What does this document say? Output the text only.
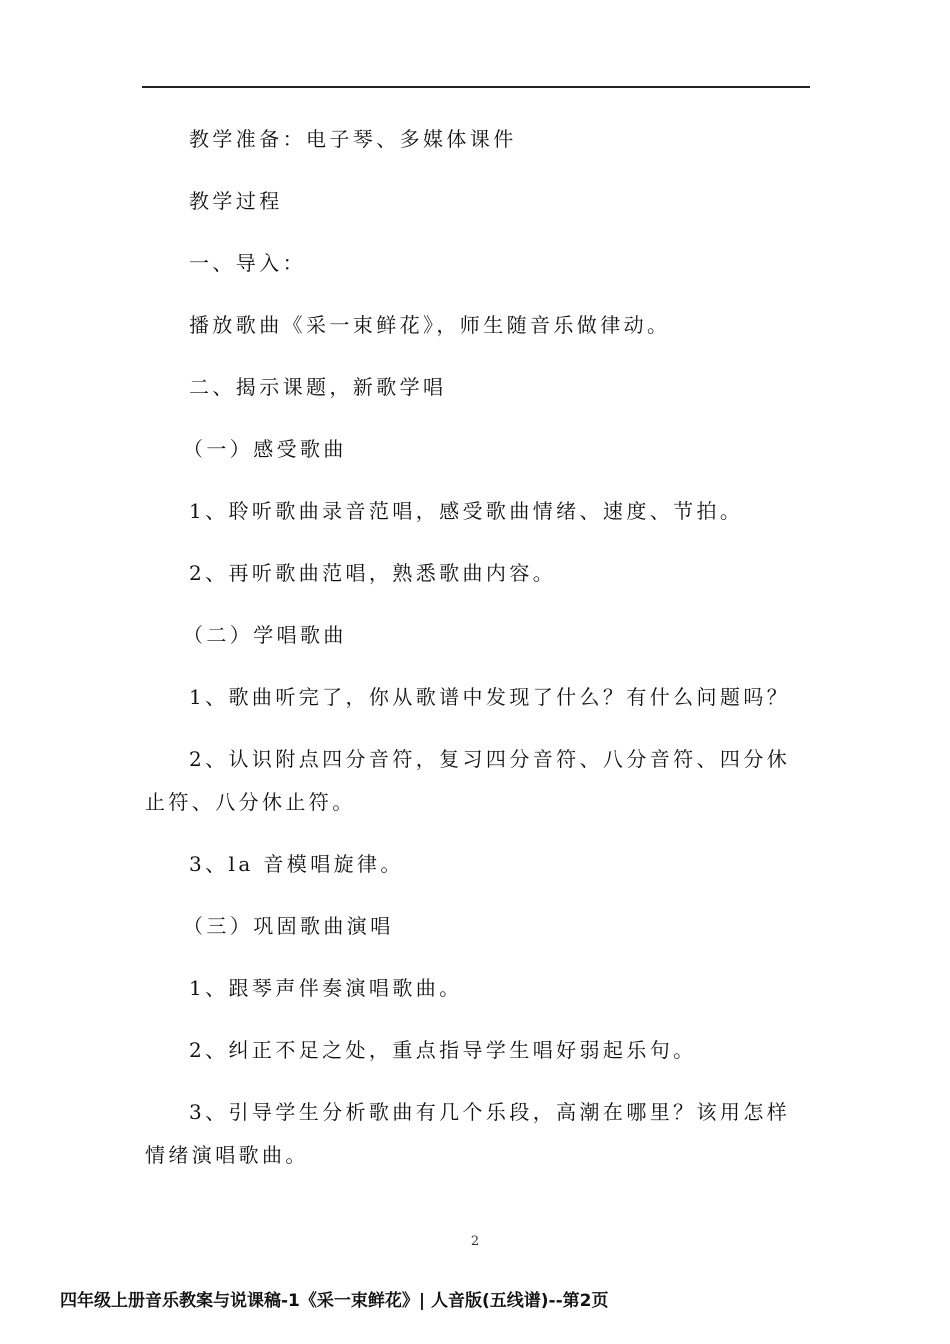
教学准备：电子琴、多媒体课件

教学过程

一、导入：

播放歌曲《采一束鲜花》，师生随音乐做律动。

二、揭示课题，新歌学唱

（一）感受歌曲

1、聆听歌曲录音范唱，感受歌曲情绪、速度、节拍。

2、再听歌曲范唱，熟悉歌曲内容。

（二）学唱歌曲

1、歌曲听完了，你从歌谱中发现了什么？有什么问题吗？

2、认识附点四分音符，复习四分音符、八分音符、四分休止符、八分休止符。

3、la 音模唱旋律。

（三）巩固歌曲演唱

1、跟琴声伴奏演唱歌曲。

2、纠正不足之处，重点指导学生唱好弱起乐句。

3、引导学生分析歌曲有几个乐段，高潮在哪里？该用怎样情绪演唱歌曲。

2
四年级上册音乐教案与说课稿-1《采一束鲜花》| 人音版(五线谱)--第2页
